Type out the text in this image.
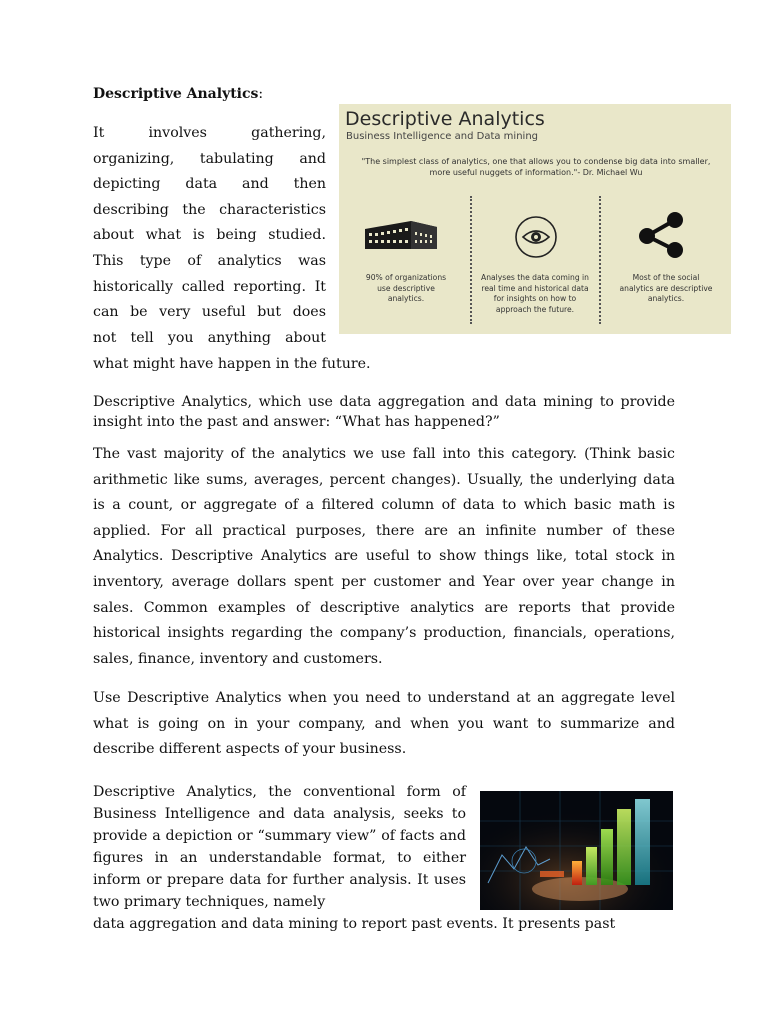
Descriptive Analytics:
It involves gathering,
organizing, tabulating and
depicting data and then
describing the characteristics
about what is being studied.
This type of analytics was
historically called reporting. It
can be very useful but does
not tell you anything about
what might have happen in the future.
Descriptive Analytics
Business Intelligence and Data mining
"The simplest class of analytics, one that allows you to condense big data into smaller, more useful nuggets of information."- Dr. Michael Wu
90% of organizations use descriptive analytics.
Analyses the data coming in real time and historical data for insights on how to approach the future.
Most of the social analytics are descriptive analytics.
Descriptive Analytics, which use data aggregation and data mining to provide insight into the past and answer: “What has happened?”
The vast majority of the analytics we use fall into this category. (Think basic arithmetic like sums, averages, percent changes). Usually, the underlying data is a count, or aggregate of a filtered column of data to which basic math is applied. For all practical purposes, there are an infinite number of these Analytics. Descriptive Analytics are useful to show things like, total stock in inventory, average dollars spent per customer and Year over year change in sales. Common examples of descriptive analytics are reports that provide historical insights regarding the company’s production, financials, operations, sales, finance, inventory and customers.
Use Descriptive Analytics when you need to understand at an aggregate level what is going on in your company, and when you want to summarize and describe different aspects of your business.
Descriptive Analytics, the conventional form of Business Intelligence and data analysis, seeks to provide a depiction or “summary view” of facts and figures in an understandable format, to either inform or prepare data for further analysis. It uses two primary techniques, namely
data aggregation and data mining to report past events. It presents past
